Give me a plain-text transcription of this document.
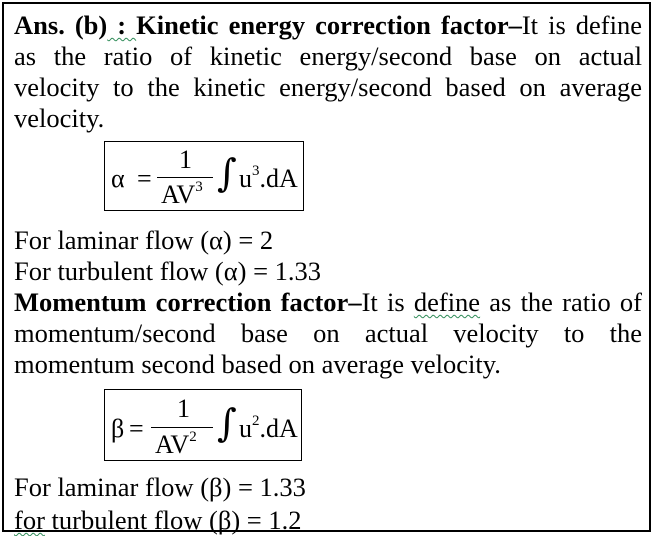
Ans. (b) : Kinetic energy correction factor–It is define as the ratio of kinetic energy/second base on actual velocity to the kinetic energy/second based on average velocity.
α =
1
$AV^3$ ∫ $u^3.dA$
For laminar flow (α) = 2
For turbulent flow (α) = 1.33
Momentum correction factor–It is define as the ratio of momentum/second base on actual velocity to the momentum second based on average velocity.
β =
1
$AV^2$ ∫ $u^2.dA$
For laminar flow (β) = 1.33
for turbulent flow (β) = 1.2
